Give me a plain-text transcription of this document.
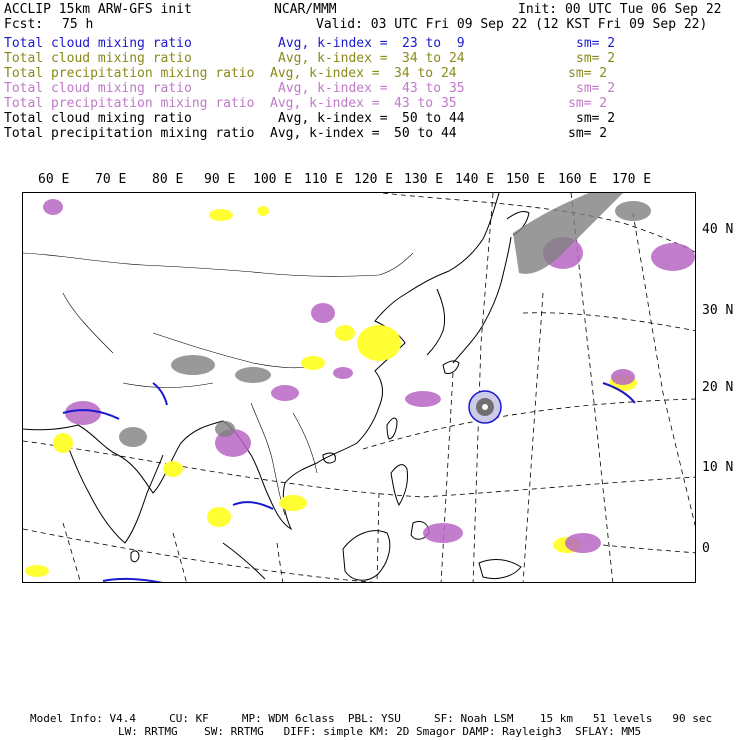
ACCLIP 15km ARW-GFS init	NCAR/MMM	Init: 00 UTC Tue 06 Sep 22
Fcst: 75 h	Valid: 03 UTC Fri 09 Sep 22 (12 KST Fri 09 Sep 22)
Total cloud mixing ratio	Avg, k-index = 23 to  9	sm= 2
Total cloud mixing ratio	Avg, k-index = 34 to 24	sm= 2
Total precipitation mixing ratio Avg, k-index = 34 to 24	sm= 2
Total cloud mixing ratio	Avg, k-index = 43 to 35	sm= 2
Total precipitation mixing ratio Avg, k-index = 43 to 35	sm= 2
Total cloud mixing ratio	Avg, k-index = 50 to 44	sm= 2
Total precipitation mixing ratio Avg, k-index = 50 to 44	sm= 2
60 E 70 E 80 E 90 E 100 E 110 E 120 E 130 E 140 E 150 E 160 E 170 E
40 N
30 N
20 N
10 N
0
Model Info: V4.4     CU: KF     MP: WDM 6class  PBL: YSU     SF: Noah LSM    15 km   51 levels   90 sec
LW: RRTMG    SW: RRTMG   DIFF: simple KM: 2D Smagor DAMP: Rayleigh3  SFLAY: MM5
